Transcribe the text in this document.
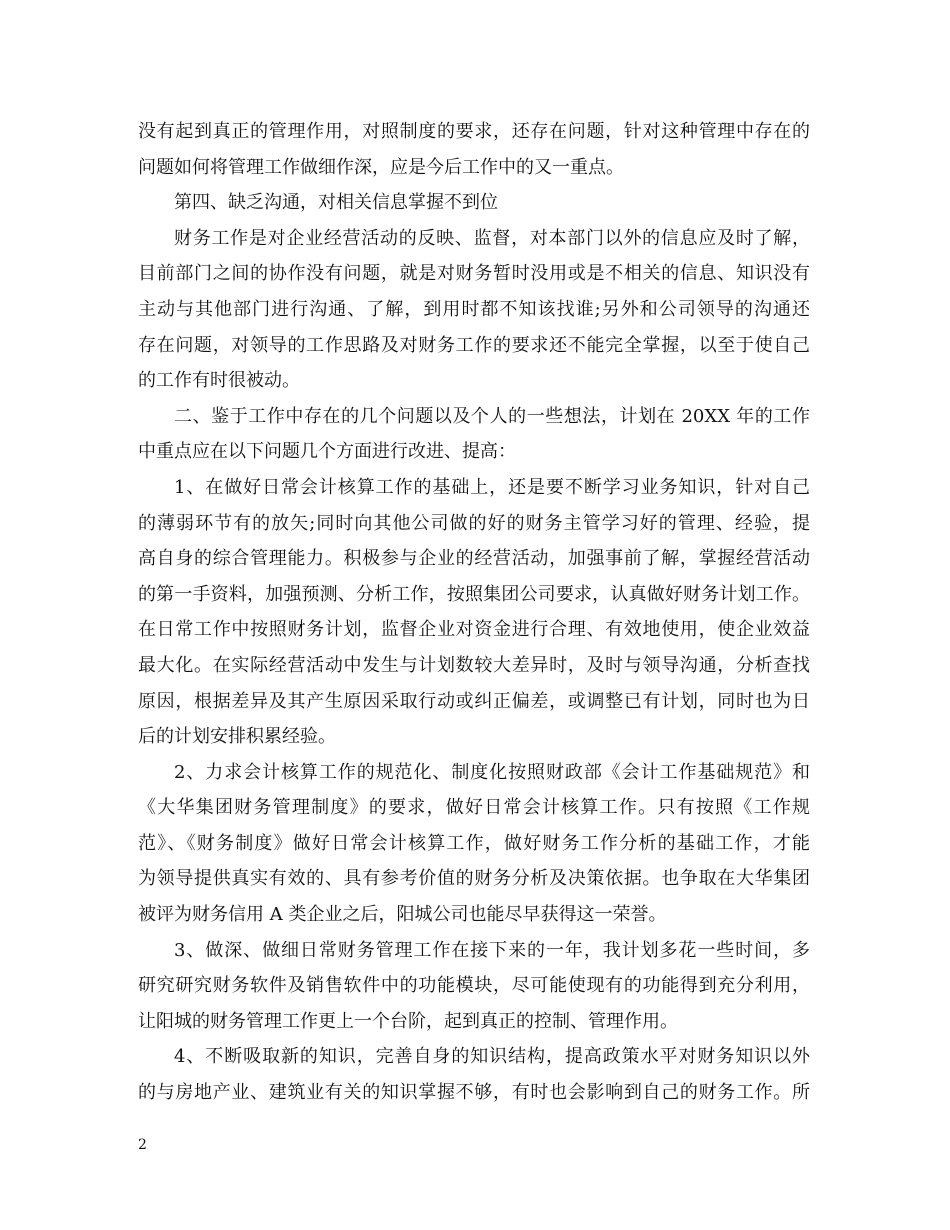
没有起到真正的管理作用，对照制度的要求，还存在问题，针对这种管理中存在的
问题如何将管理工作做细作深，应是今后工作中的又一重点。
第四、缺乏沟通，对相关信息掌握不到位
财务工作是对企业经营活动的反映、监督，对本部门以外的信息应及时了解，
目前部门之间的协作没有问题，就是对财务暂时没用或是不相关的信息、知识没有
主动与其他部门进行沟通、了解，到用时都不知该找谁;另外和公司领导的沟通还
存在问题，对领导的工作思路及对财务工作的要求还不能完全掌握，以至于使自己
的工作有时很被动。
二、鉴于工作中存在的几个问题以及个人的一些想法，计划在 20XX 年的工作
中重点应在以下问题几个方面进行改进、提高：
1、在做好日常会计核算工作的基础上，还是要不断学习业务知识，针对自己
的薄弱环节有的放矢;同时向其他公司做的好的财务主管学习好的管理、经验，提
高自身的综合管理能力。积极参与企业的经营活动，加强事前了解，掌握经营活动
的第一手资料，加强预测、分析工作，按照集团公司要求，认真做好财务计划工作。
在日常工作中按照财务计划，监督企业对资金进行合理、有效地使用，使企业效益
最大化。在实际经营活动中发生与计划数较大差异时，及时与领导沟通，分析查找
原因，根据差异及其产生原因采取行动或纠正偏差，或调整已有计划，同时也为日
后的计划安排积累经验。
2、力求会计核算工作的规范化、制度化按照财政部《会计工作基础规范》和
《大华集团财务管理制度》的要求，做好日常会计核算工作。只有按照《工作规
范》、《财务制度》做好日常会计核算工作，做好财务工作分析的基础工作，才能
为领导提供真实有效的、具有参考价值的财务分析及决策依据。也争取在大华集团
被评为财务信用 A 类企业之后，阳城公司也能尽早获得这一荣誉。
3、做深、做细日常财务管理工作在接下来的一年，我计划多花一些时间，多
研究研究财务软件及销售软件中的功能模块，尽可能使现有的功能得到充分利用，
让阳城的财务管理工作更上一个台阶，起到真正的控制、管理作用。
4、不断吸取新的知识，完善自身的知识结构，提高政策水平对财务知识以外
的与房地产业、建筑业有关的知识掌握不够，有时也会影响到自己的财务工作。所
2
